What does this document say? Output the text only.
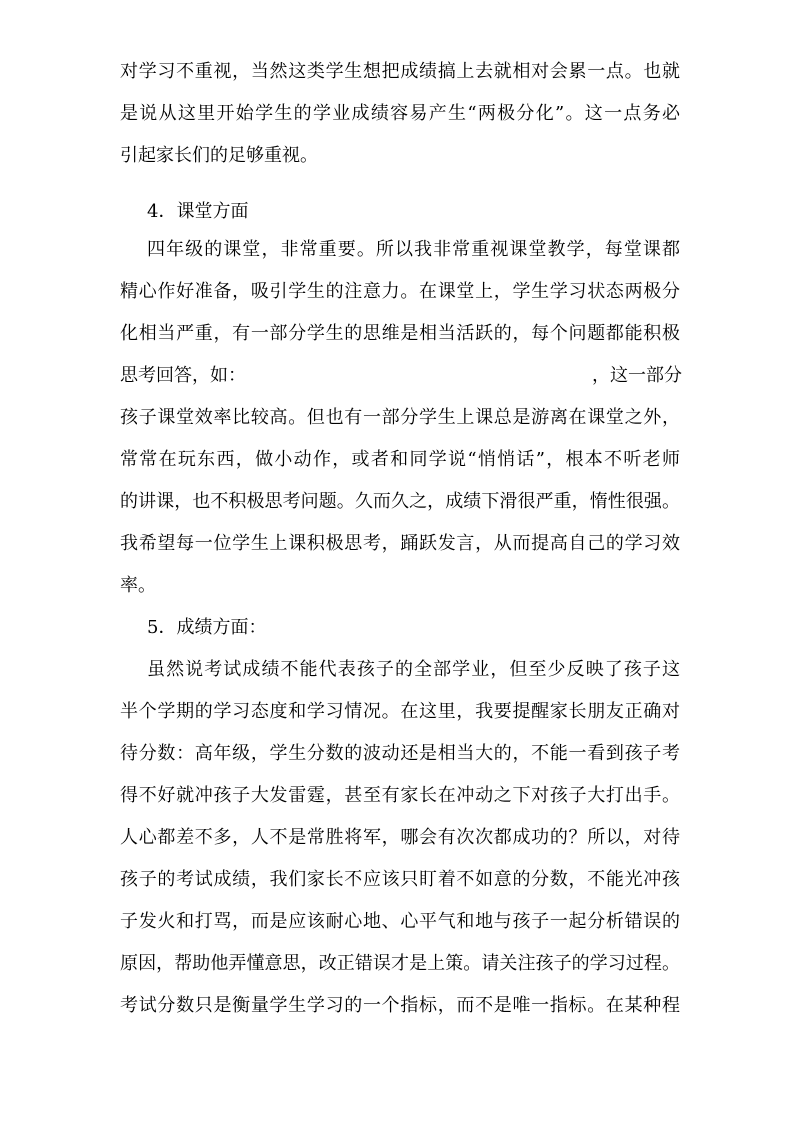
对学习不重视，当然这类学生想把成绩搞上去就相对会累一点。也就
是说从这里开始学生的学业成绩容易产生“两极分化”。这一点务必
引起家长们的足够重视。
4．课堂方面
四年级的课堂，非常重要。所以我非常重视课堂教学，每堂课都
精心作好准备，吸引学生的注意力。在课堂上，学生学习状态两极分
化相当严重，有一部分学生的思维是相当活跃的，每个问题都能积极
思考回答，如：	，这一部分
孩子课堂效率比较高。但也有一部分学生上课总是游离在课堂之外，
常常在玩东西，做小动作，或者和同学说“悄悄话”，根本不听老师
的讲课，也不积极思考问题。久而久之，成绩下滑很严重，惰性很强。
我希望每一位学生上课积极思考，踊跃发言，从而提高自己的学习效
率。
5．成绩方面：
虽然说考试成绩不能代表孩子的全部学业，但至少反映了孩子这
半个学期的学习态度和学习情况。在这里，我要提醒家长朋友正确对
待分数：高年级，学生分数的波动还是相当大的，不能一看到孩子考
得不好就冲孩子大发雷霆，甚至有家长在冲动之下对孩子大打出手。
人心都差不多，人不是常胜将军，哪会有次次都成功的？所以，对待
孩子的考试成绩，我们家长不应该只盯着不如意的分数，不能光冲孩
子发火和打骂，而是应该耐心地、心平气和地与孩子一起分析错误的
原因，帮助他弄懂意思，改正错误才是上策。请关注孩子的学习过程。
考试分数只是衡量学生学习的一个指标，而不是唯一指标。在某种程
